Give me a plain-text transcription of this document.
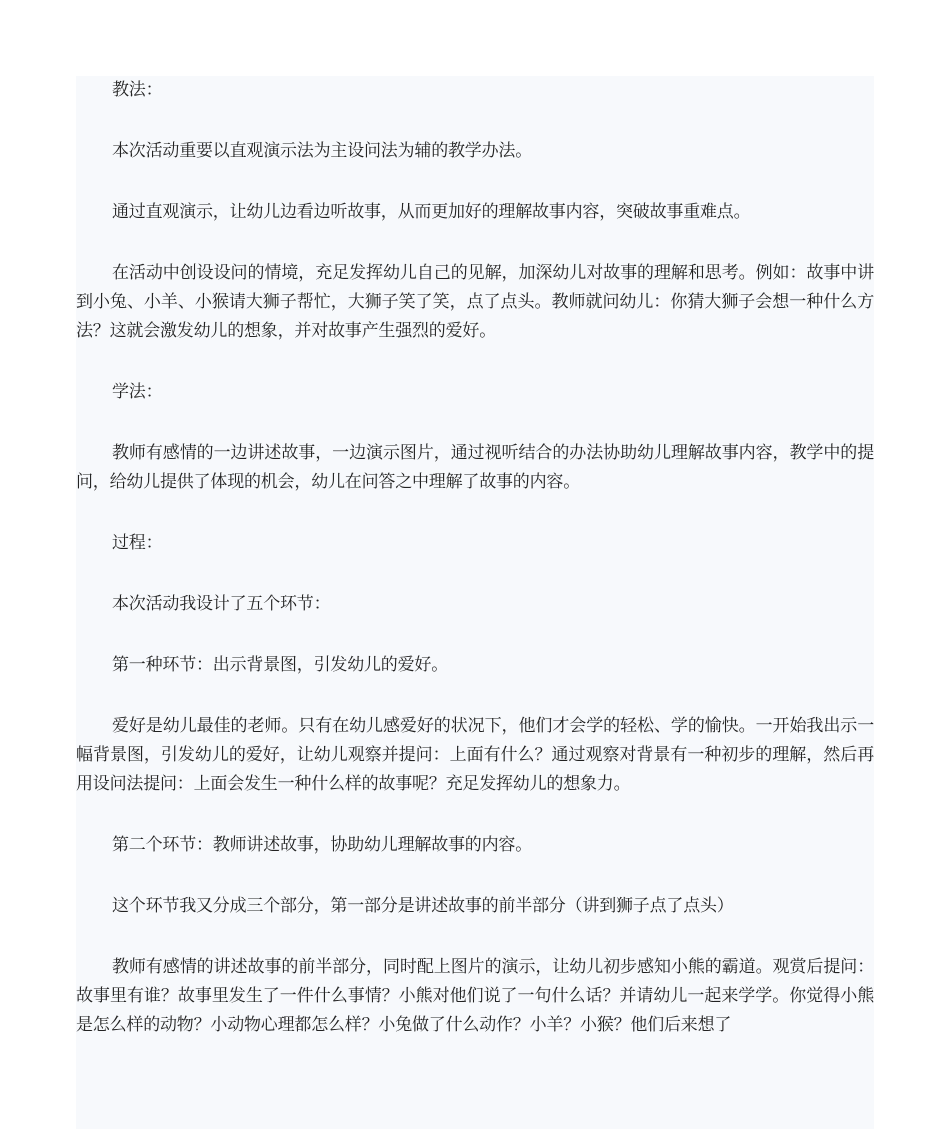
教法：

本次活动重要以直观演示法为主设问法为辅的教学办法。

通过直观演示，让幼儿边看边听故事，从而更加好的理解故事内容，突破故事重难点。

在活动中创设设问的情境，充足发挥幼儿自己的见解，加深幼儿对故事的理解和思考。例如：故事中讲到小兔、小羊、小猴请大狮子帮忙，大狮子笑了笑，点了点头。教师就问幼儿：你猜大狮子会想一种什么方法？这就会激发幼儿的想象，并对故事产生强烈的爱好。

学法：

教师有感情的一边讲述故事，一边演示图片，通过视听结合的办法协助幼儿理解故事内容，教学中的提问，给幼儿提供了体现的机会，幼儿在问答之中理解了故事的内容。

过程：

本次活动我设计了五个环节：

第一种环节：出示背景图，引发幼儿的爱好。

爱好是幼儿最佳的老师。只有在幼儿感爱好的状况下，他们才会学的轻松、学的愉快。一开始我出示一幅背景图，引发幼儿的爱好，让幼儿观察并提问：上面有什么？通过观察对背景有一种初步的理解，然后再用设问法提问：上面会发生一种什么样的故事呢？充足发挥幼儿的想象力。

第二个环节：教师讲述故事，协助幼儿理解故事的内容。

这个环节我又分成三个部分，第一部分是讲述故事的前半部分（讲到狮子点了点头）

教师有感情的讲述故事的前半部分，同时配上图片的演示，让幼儿初步感知小熊的霸道。观赏后提问：故事里有谁？故事里发生了一件什么事情？小熊对他们说了一句什么话？并请幼儿一起来学学。你觉得小熊是怎么样的动物？小动物心理都怎么样？小兔做了什么动作？小羊？小猴？他们后来想了
